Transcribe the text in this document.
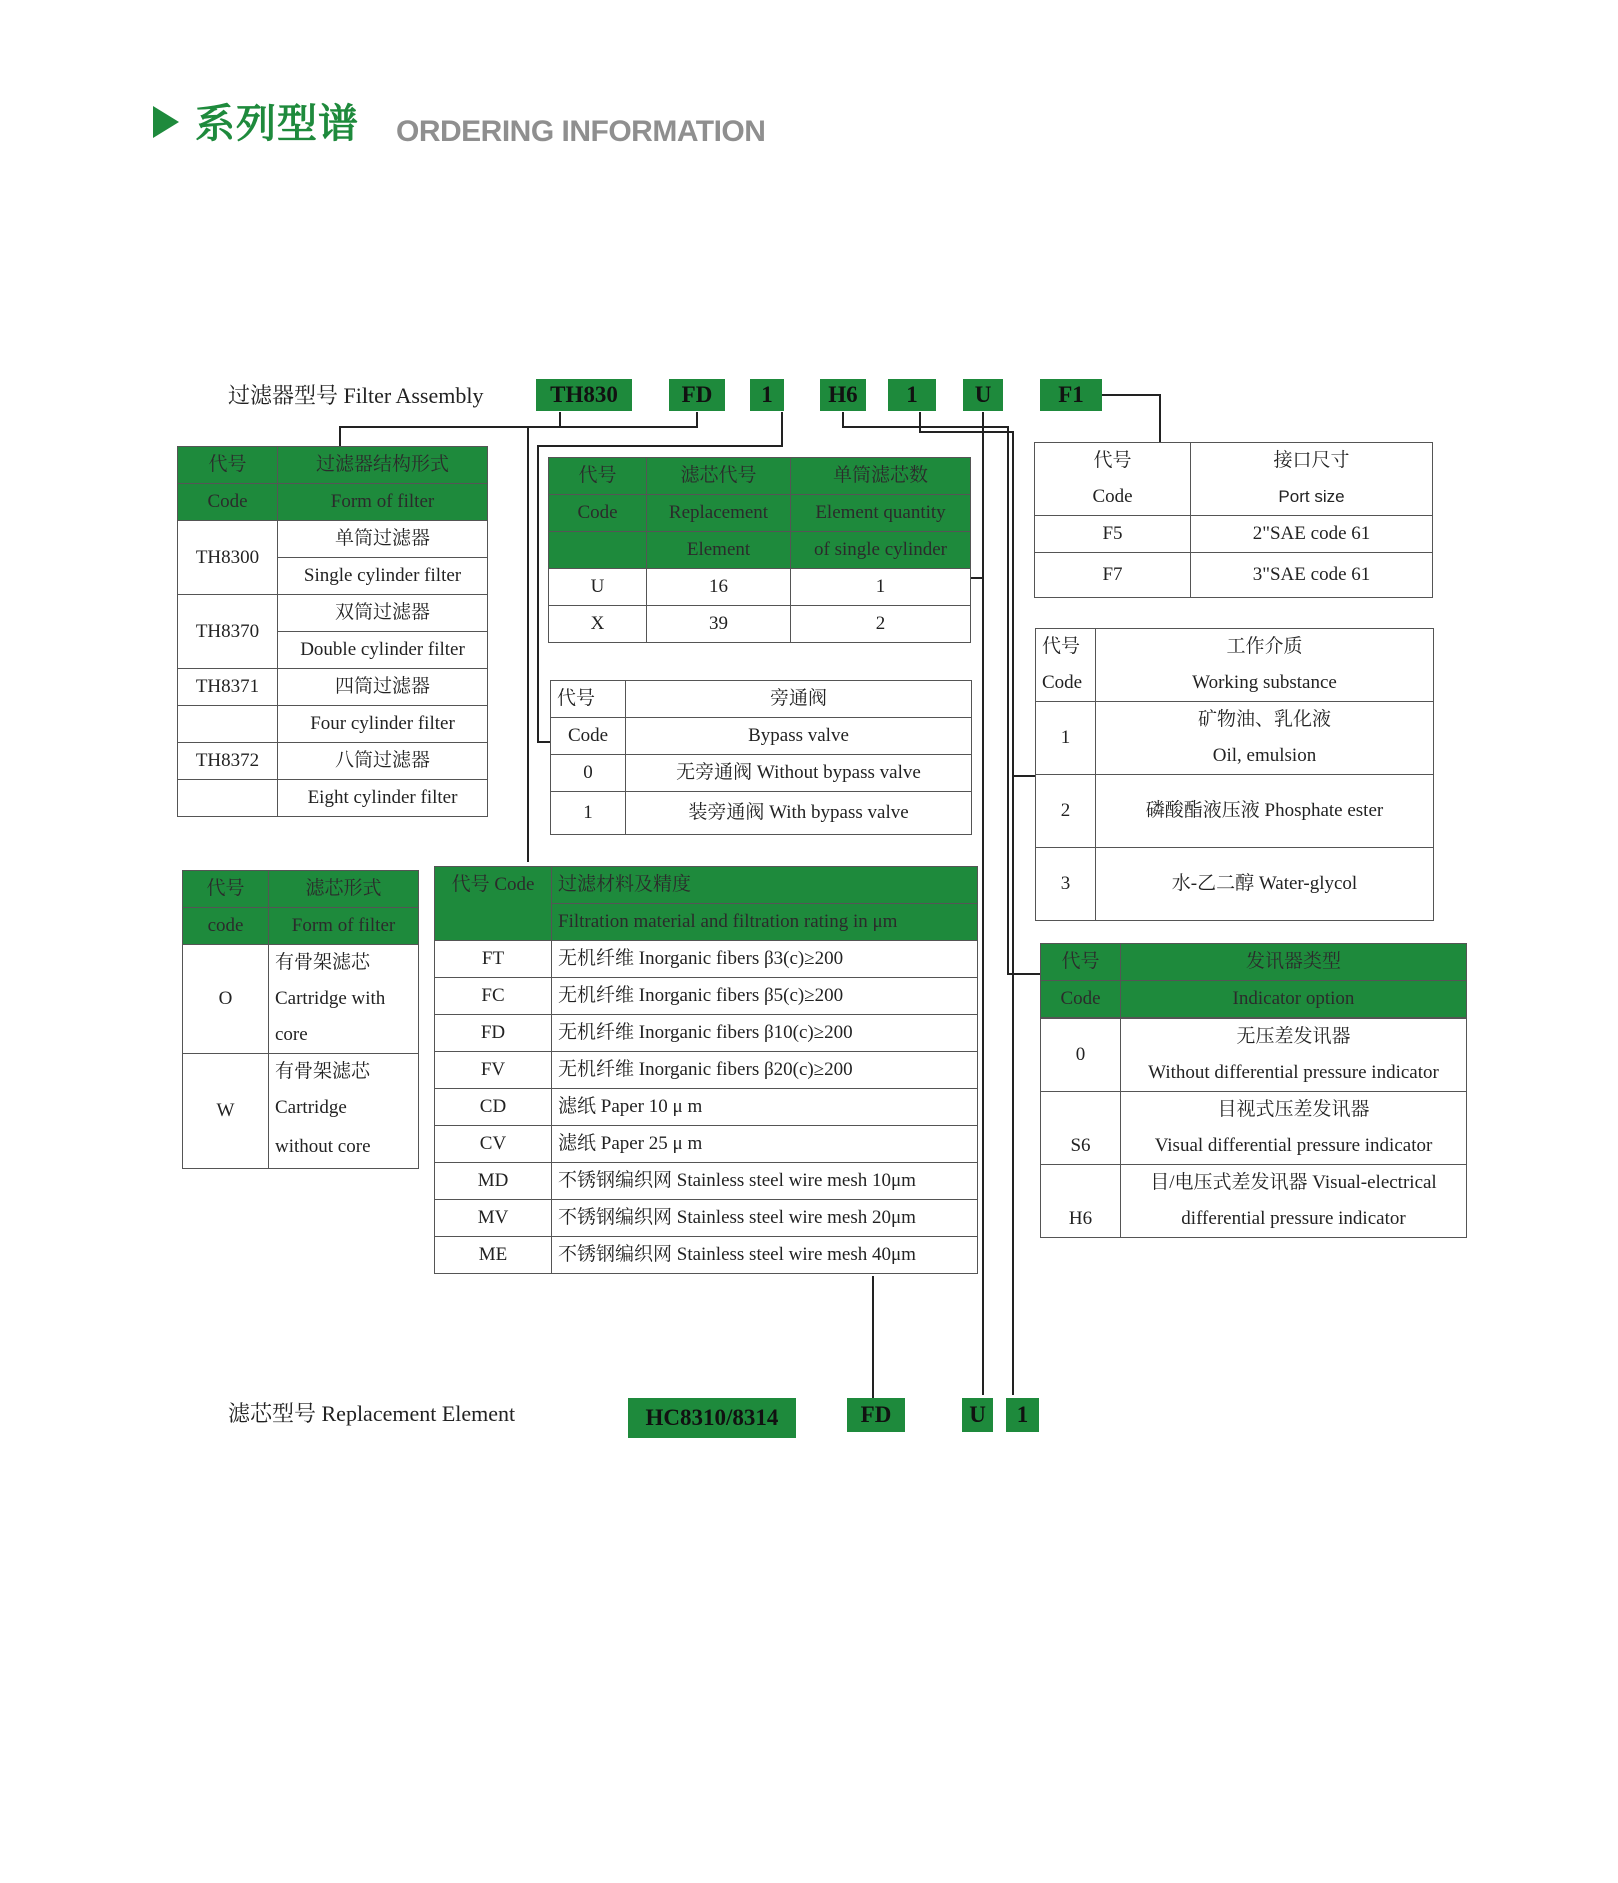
系列型谱 ORDERING INFORMATION
过滤器型号 Filter Assembly	TH830	FD	1	H6	1	U	F1
代号	过滤器结构形式
Code	Form of filter
TH8300	单筒过滤器
	Single cylinder filter
TH8370	双筒过滤器
	Double cylinder filter
TH8371	四筒过滤器
	Four cylinder filter
TH8372	八筒过滤器
	Eight cylinder filter
代号	滤芯代号	单筒滤芯数
Code	Replacement	Element quantity
	Element	of single cylinder
U	16	1
X	39	2
代号	旁通阀
Code	Bypass valve
0	无旁通阀 Without bypass valve
1	装旁通阀 With bypass valve
代号	滤芯形式
code	Form of filter
O	有骨架滤芯
	Cartridge with
	core
W	有骨架滤芯
	Cartridge
	without core
代号 Code	过滤材料及精度
	Filtration material and filtration rating in μm
FT	无机纤维 Inorganic fibers β3(c)≥200
FC	无机纤维 Inorganic fibers β5(c)≥200
FD	无机纤维 Inorganic fibers β10(c)≥200
FV	无机纤维 Inorganic fibers β20(c)≥200
CD	滤纸 Paper 10 μ m
CV	滤纸 Paper 25 μ m
MD	不锈钢编织网 Stainless steel wire mesh 10μm
MV	不锈钢编织网 Stainless steel wire mesh 20μm
ME	不锈钢编织网 Stainless steel wire mesh 40μm
代号	接口尺寸
Code	Port size
F5	2"SAE code 61
F7	3"SAE code 61
代号	工作介质
Code	Working substance
1	矿物油、乳化液
	Oil, emulsion
2	磷酸酯液压液 Phosphate ester
3	水-乙二醇 Water-glycol
代号	发讯器类型
Code	Indicator option

0	无压差发讯器
	Without differential pressure indicator
	目视式压差发讯器
S6	Visual differential pressure indicator
	目/电压式差发讯器 Visual-electrical
H6	differential pressure indicator
滤芯型号 Replacement Element	HC8310/8314	FD	U	1
